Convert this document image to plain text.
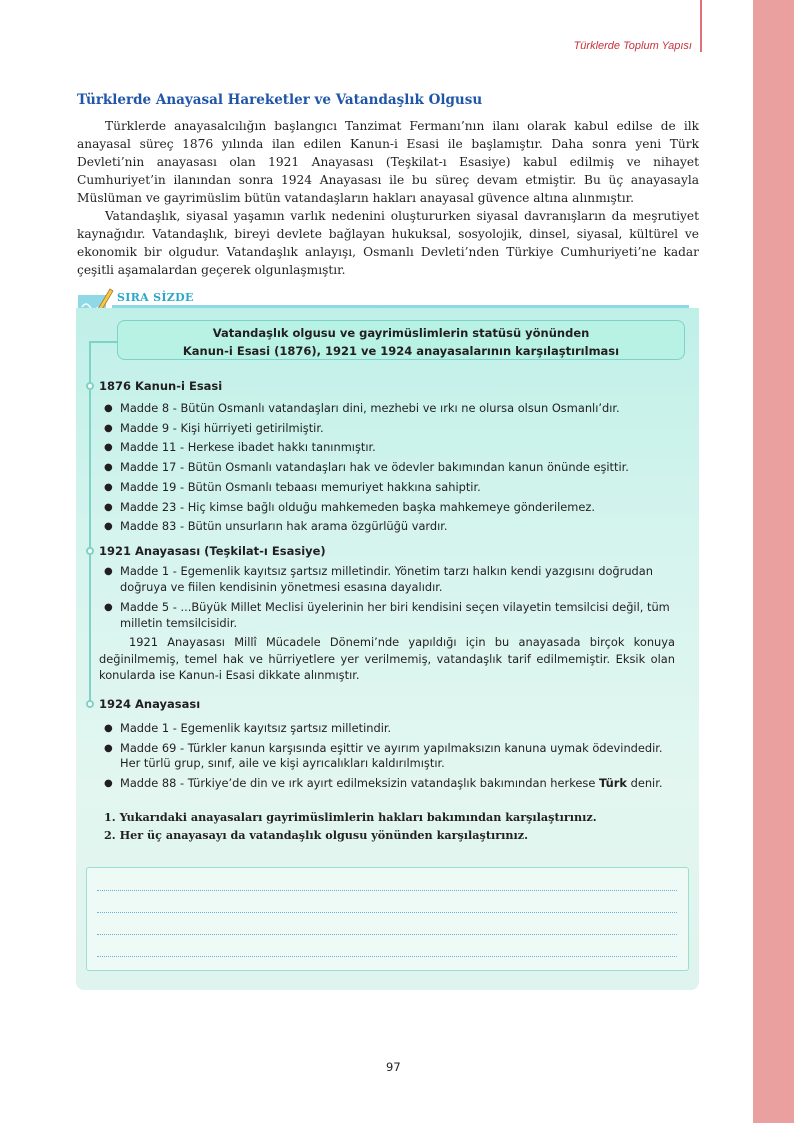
Türklerde Toplum Yapısı
Türklerde Anayasal Hareketler ve Vatandaşlık Olgusu

Türklerde anayasalcılığın başlangıcı Tanzimat Fermanı’nın ilanı olarak kabul edilse de ilk anayasal süreç 1876 yılında ilan edilen Kanun-i Esasi ile başlamıştır. Daha sonra yeni Türk Devleti’nin anayasası olan 1921 Anayasası (Teşkilat-ı Esasiye) kabul edilmiş ve nihayet Cumhuriyet’in ilanından sonra 1924 Anayasası ile bu süreç devam etmiştir. Bu üç anayasayla Müslüman ve gayrimüslim bütün vatandaşların hakları anayasal güvence altına alınmıştır.

Vatandaşlık, siyasal yaşamın varlık nedenini oluştururken siyasal davranışların da meşrutiyet kaynağıdır. Vatandaşlık, bireyi devlete bağlayan hukuksal, sosyolojik, dinsel, siyasal, kültürel ve ekonomik bir olgudur. Vatandaşlık anlayışı, Osmanlı Devleti’nden Türkiye Cumhuriyeti’ne kadar çeşitli aşamalardan geçerek olgunlaşmıştır.

SIRA SİZDE
Vatandaşlık olgusu ve gayrimüslimlerin statüsü yönünden
Kanun-i Esasi (1876), 1921 ve 1924 anayasalarının karşılaştırılması
1876 Kanun-i Esasi
● Madde 8 - Bütün Osmanlı vatandaşları dini, mezhebi ve ırkı ne olursa olsun Osmanlı’dır.
● Madde 9 - Kişi hürriyeti getirilmiştir.
● Madde 11 - Herkese ibadet hakkı tanınmıştır.
● Madde 17 - Bütün Osmanlı vatandaşları hak ve ödevler bakımından kanun önünde eşittir.
● Madde 19 - Bütün Osmanlı tebaası memuriyet hakkına sahiptir.
● Madde 23 - Hiç kimse bağlı olduğu mahkemeden başka mahkemeye gönderilemez.
● Madde 83 - Bütün unsurların hak arama özgürlüğü vardır.
1921 Anayasası (Teşkilat-ı Esasiye)
● Madde 1 - Egemenlik kayıtsız şartsız milletindir. Yönetim tarzı halkın kendi yazgısını doğrudan doğruya ve fiilen kendisinin yönetmesi esasına dayalıdır.
● Madde 5 - ...Büyük Millet Meclisi üyelerinin her biri kendisini seçen vilayetin temsilcisi değil, tüm milletin temsilcisidir.
1921 Anayasası Millî Mücadele Dönemi’nde yapıldığı için bu anayasada birçok konuya değinilmemiş, temel hak ve hürriyetlere yer verilmemiş, vatandaşlık tarif edilmemiştir. Eksik olan konularda ise Kanun-i Esasi dikkate alınmıştır.
1924 Anayasası
● Madde 1 - Egemenlik kayıtsız şartsız milletindir.
● Madde 69 - Türkler kanun karşısında eşittir ve ayırım yapılmaksızın kanuna uymak ödevindedir. Her türlü grup, sınıf, aile ve kişi ayrıcalıkları kaldırılmıştır.
● Madde 88 - Türkiye’de din ve ırk ayırt edilmeksizin vatandaşlık bakımından herkese Türk denir.
1. Yukarıdaki anayasaları gayrimüslimlerin hakları bakımından karşılaştırınız.
2. Her üç anayasayı da vatandaşlık olgusu yönünden karşılaştırınız.
97
